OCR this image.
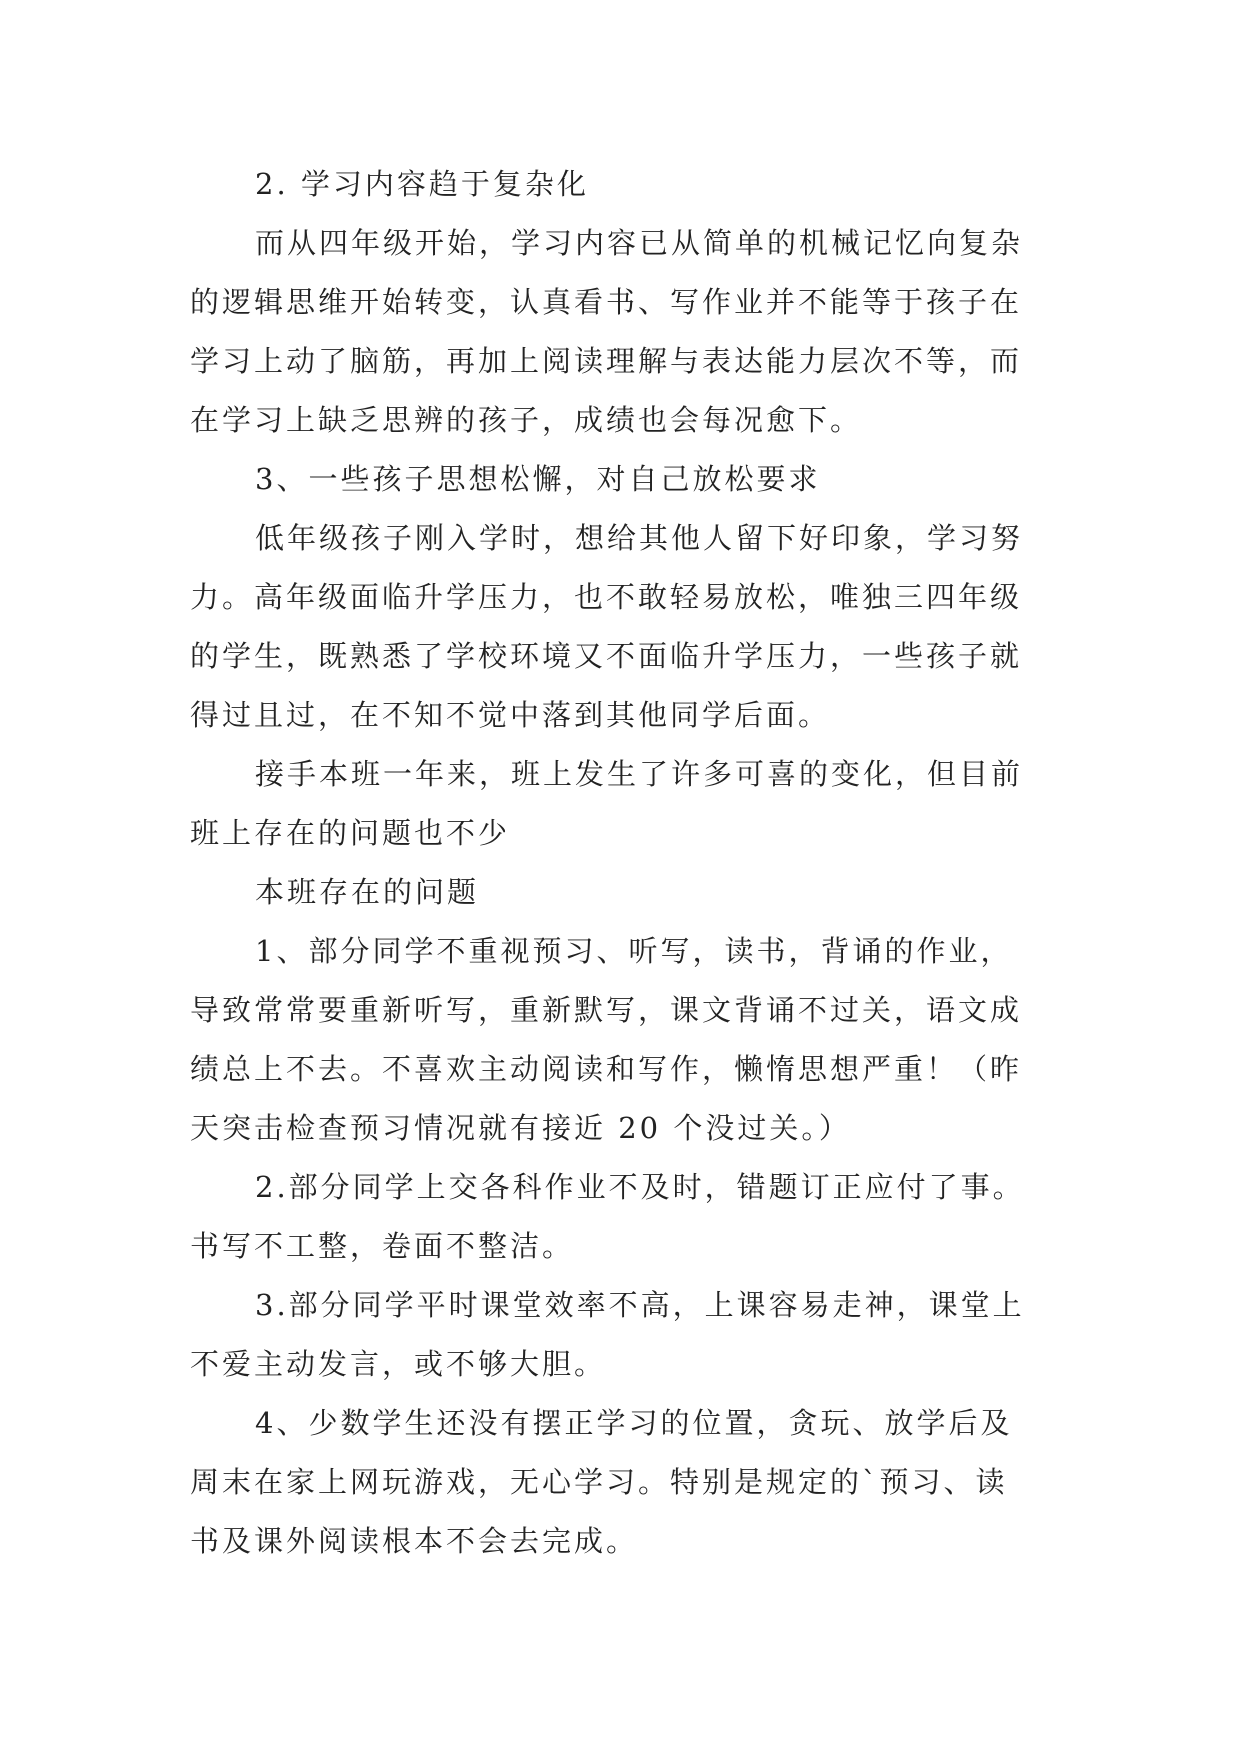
2. 学习内容趋于复杂化
而从四年级开始，学习内容已从简单的机械记忆向复杂
的逻辑思维开始转变，认真看书、写作业并不能等于孩子在
学习上动了脑筋，再加上阅读理解与表达能力层次不等，而
在学习上缺乏思辨的孩子，成绩也会每况愈下。
3、一些孩子思想松懈，对自己放松要求
低年级孩子刚入学时，想给其他人留下好印象，学习努
力。高年级面临升学压力，也不敢轻易放松，唯独三四年级
的学生，既熟悉了学校环境又不面临升学压力，一些孩子就
得过且过，在不知不觉中落到其他同学后面。
接手本班一年来，班上发生了许多可喜的变化，但目前
班上存在的问题也不少
本班存在的问题
1、部分同学不重视预习、听写，读书，背诵的作业，
导致常常要重新听写，重新默写，课文背诵不过关，语文成
绩总上不去。不喜欢主动阅读和写作，懒惰思想严重！（昨
天突击检查预习情况就有接近 20 个没过关。）
2.部分同学上交各科作业不及时，错题订正应付了事。
书写不工整，卷面不整洁。
3.部分同学平时课堂效率不高，上课容易走神，课堂上
不爱主动发言，或不够大胆。
4、少数学生还没有摆正学习的位置，贪玩、放学后及
周末在家上网玩游戏，无心学习。特别是规定的`预习、读
书及课外阅读根本不会去完成。
